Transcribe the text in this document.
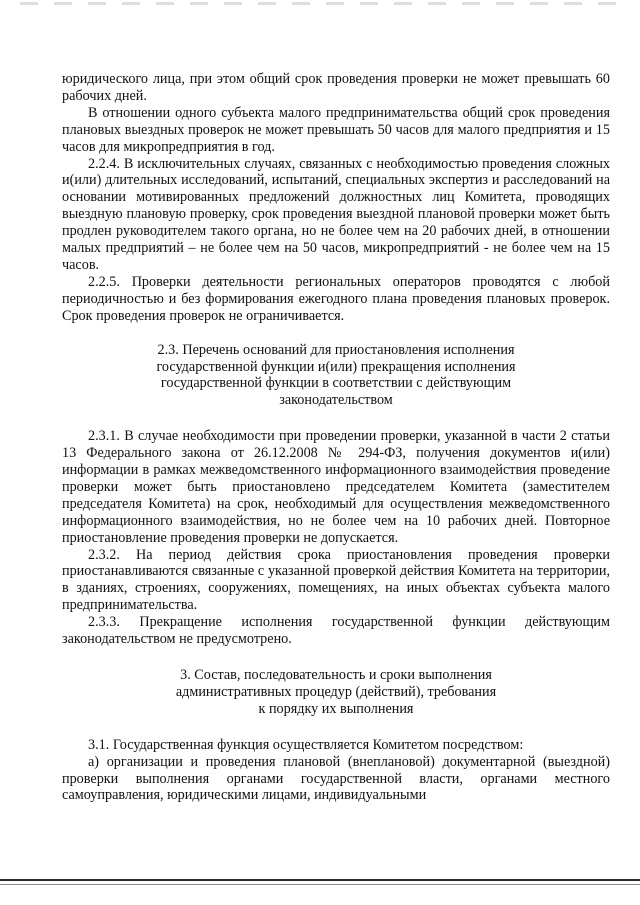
юридического лица, при этом общий срок проведения проверки не может превышать 60 рабочих дней.

В отношении одного субъекта малого предпринимательства общий срок проведения плановых выездных проверок не может превышать 50 часов для малого предприятия и 15 часов для микропредприятия в год.

2.2.4. В исключительных случаях, связанных с необходимостью проведения сложных и(или) длительных исследований, испытаний, специальных экспертиз и расследований на основании мотивированных предложений должностных лиц Комитета, проводящих выездную плановую проверку, срок проведения выездной плановой проверки может быть продлен руководителем такого органа, но не более чем на 20 рабочих дней, в отношении малых предприятий – не более чем на 50 часов, микропредприятий - не более чем на 15 часов.

2.2.5. Проверки деятельности региональных операторов проводятся с любой периодичностью и без формирования ежегодного плана проведения плановых проверок. Срок проведения проверок не ограничивается.

2.3. Перечень оснований для приостановления исполнения

государственной функции и(или) прекращения исполнения

государственной функции в соответствии с действующим

законодательством

2.3.1. В случае необходимости при проведении проверки, указанной в части 2 статьи 13 Федерального закона от 26.12.2008 № 294-ФЗ, получения документов и(или) информации в рамках межведомственного информационного взаимодействия проведение проверки может быть приостановлено председателем Комитета (заместителем председателя Комитета) на срок, необходимый для осуществления межведомственного информационного взаимодействия, но не более чем на 10 рабочих дней. Повторное приостановление проведения проверки не допускается.

2.3.2. На период действия срока приостановления проведения проверки приостанавливаются связанные с указанной проверкой действия Комитета на территории, в зданиях, строениях, сооружениях, помещениях, на иных объектах субъекта малого предпринимательства.

2.3.3. Прекращение исполнения государственной функции действующим законодательством не предусмотрено.

3. Состав, последовательность и сроки выполнения

административных процедур (действий), требования

к порядку их выполнения

3.1. Государственная функция осуществляется Комитетом посредством:

а) организации и проведения плановой (внеплановой) документарной (выездной) проверки выполнения органами государственной власти, органами местного самоуправления, юридическими лицами, индивидуальными
